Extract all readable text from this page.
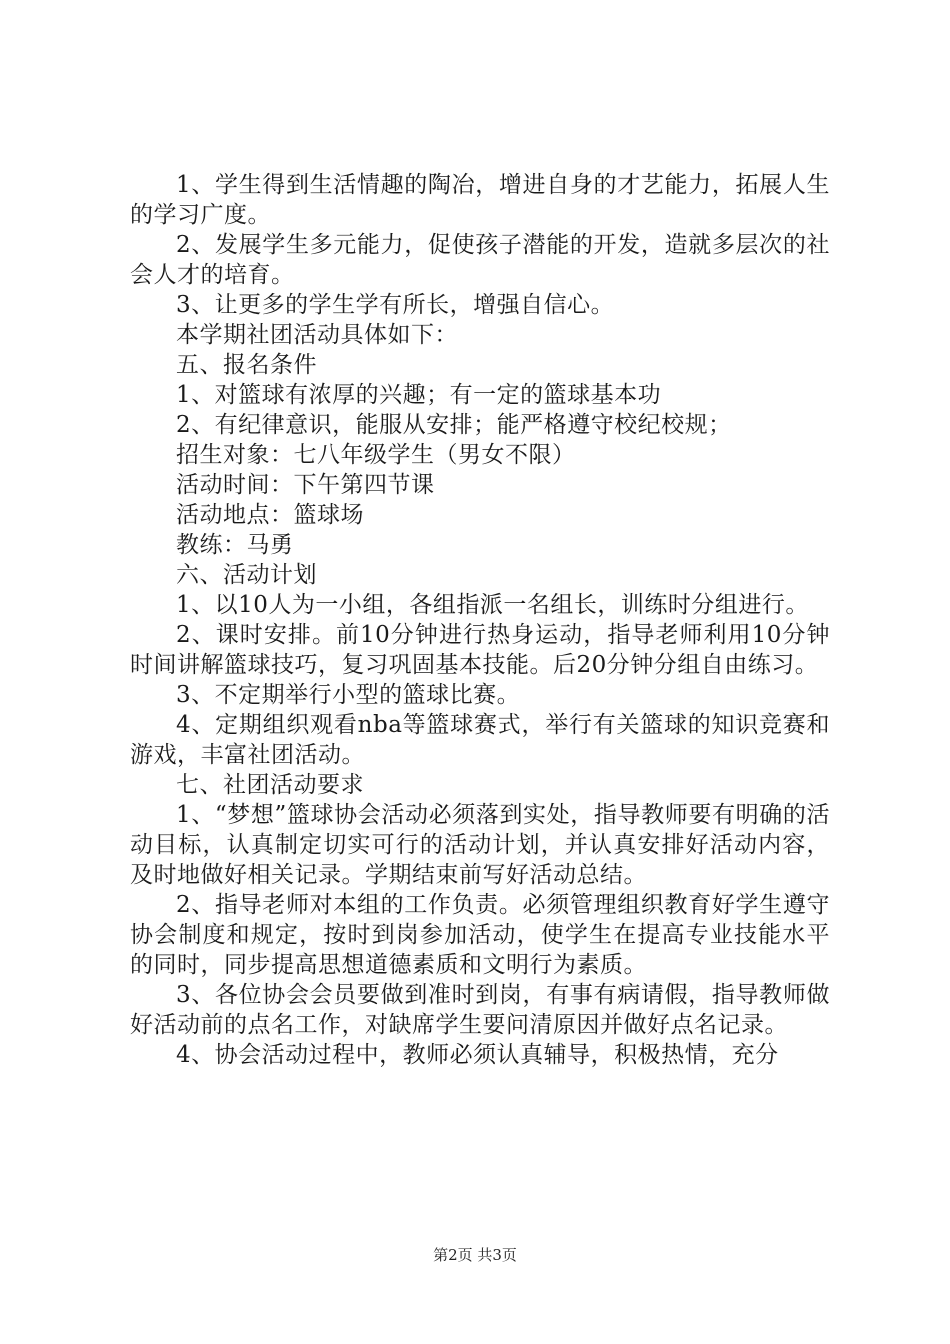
1、学生得到生活情趣的陶冶，增进自身的才艺能力，拓展人生的学习广度。

2、发展学生多元能力，促使孩子潜能的开发，造就多层次的社会人才的培育。

3、让更多的学生学有所长，增强自信心。

本学期社团活动具体如下：

五、报名条件

1、对篮球有浓厚的兴趣；有一定的篮球基本功

2、有纪律意识，能服从安排；能严格遵守校纪校规；

招生对象：七八年级学生（男女不限）

活动时间：下午第四节课

活动地点：篮球场

教练：马勇

六、活动计划

1、以10人为一小组，各组指派一名组长，训练时分组进行。

2、课时安排。前10分钟进行热身运动，指导老师利用10分钟时间讲解篮球技巧，复习巩固基本技能。后20分钟分组自由练习。

3、不定期举行小型的篮球比赛。

4、定期组织观看nba等篮球赛式，举行有关篮球的知识竞赛和游戏，丰富社团活动。

七、社团活动要求

1、“梦想”篮球协会活动必须落到实处，指导教师要有明确的活动目标，认真制定切实可行的活动计划，并认真安排好活动内容，及时地做好相关记录。学期结束前写好活动总结。

2、指导老师对本组的工作负责。必须管理组织教育好学生遵守协会制度和规定，按时到岗参加活动，使学生在提高专业技能水平的同时，同步提高思想道德素质和文明行为素质。

3、各位协会会员要做到准时到岗，有事有病请假，指导教师做好活动前的点名工作，对缺席学生要问清原因并做好点名记录。

4、协会活动过程中，教师必须认真辅导，积极热情，充分

第2页 共3页
